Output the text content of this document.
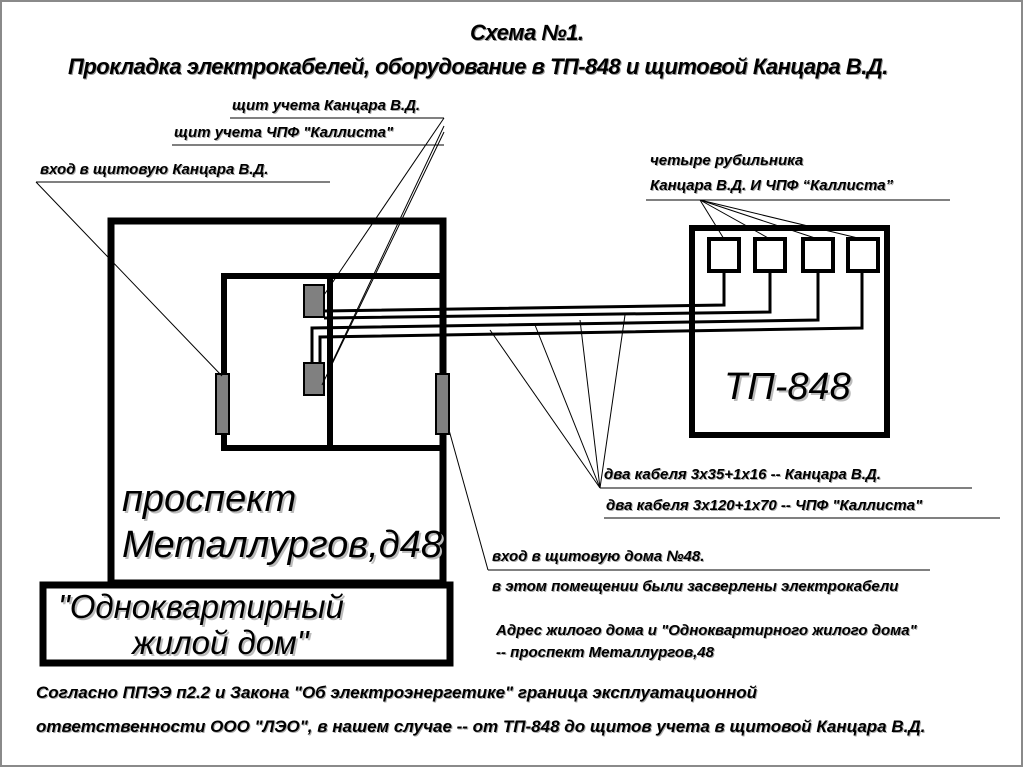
Схема №1.

Прокладка электрокабелей, оборудование в ТП-848 и щитовой Канцара В.Д.

щит учета Канцара В.Д.

щит учета ЧПФ "Каллиста"

вход в щитовую Канцара В.Д.

четыре рубильника

Канцара В.Д. И ЧПФ “Каллиста”

ТП-848

два кабеля 3х35+1х16 -- Канцара В.Д.

два кабеля 3х120+1х70 -- ЧПФ "Каллиста"

проспект

Металлургов,д48

"Одноквартирный

жилой дом"

вход в щитовую дома №48.

в этом помещении были засверлены электрокабели

Адрес жилого дома и "Одноквартирного жилого дома"

-- проспект Металлургов,48

Согласно ППЭЭ п2.2 и Закона "Об электроэнергетике" граница эксплуатационной

ответственности ООО "ЛЭО", в нашем случае -- от ТП-848 до щитов учета в щитовой Канцара В.Д.
